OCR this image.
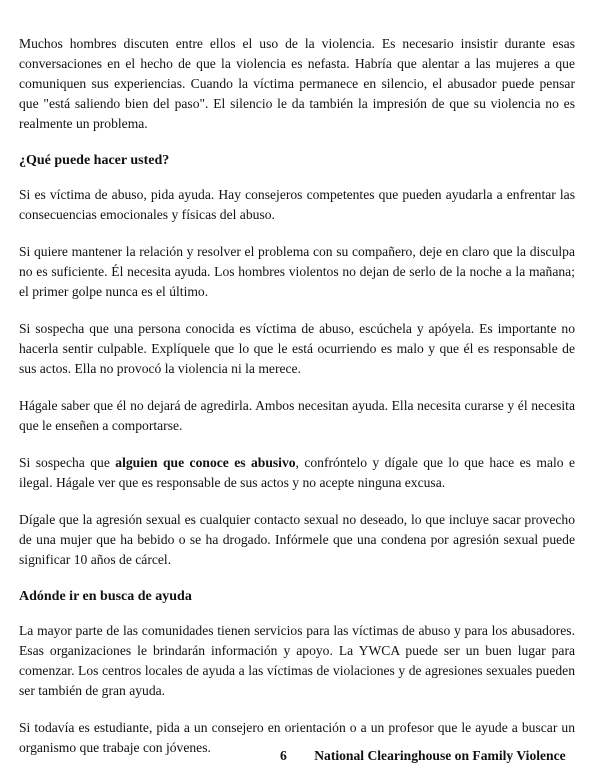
Muchos hombres discuten entre ellos el uso de la violencia. Es necesario insistir durante esas conversaciones en el hecho de que la violencia es nefasta. Habría que alentar a las mujeres a que comuniquen sus experiencias. Cuando la víctima permanece en silencio, el abusador puede pensar que "está saliendo bien del paso". El silencio le da también la impresión de que su violencia no es realmente un problema.

¿Qué puede hacer usted?

Si es víctima de abuso, pida ayuda. Hay consejeros competentes que pueden ayudarla a enfrentar las consecuencias emocionales y físicas del abuso.

Si quiere mantener la relación y resolver el problema con su compañero, deje en claro que la disculpa no es suficiente. Él necesita ayuda. Los hombres violentos no dejan de serlo de la noche a la mañana; el primer golpe nunca es el último.

Si sospecha que una persona conocida es víctima de abuso, escúchela y apóyela. Es importante no hacerla sentir culpable. Explíquele que lo que le está ocurriendo es malo y que él es responsable de sus actos. Ella no provocó la violencia ni la merece.

Hágale saber que él no dejará de agredirla. Ambos necesitan ayuda. Ella necesita curarse y él necesita que le enseñen a comportarse.

Si sospecha que alguien que conoce es abusivo, confróntelo y dígale que lo que hace es malo e ilegal. Hágale ver que es responsable de sus actos y no acepte ninguna excusa.

Dígale que la agresión sexual es cualquier contacto sexual no deseado, lo que incluye sacar provecho de una mujer que ha bebido o se ha drogado. Infórmele que una condena por agresión sexual puede significar 10 años de cárcel.

Adónde ir en busca de ayuda

La mayor parte de las comunidades tienen servicios para las víctimas de abuso y para los abusadores. Esas organizaciones le brindarán información y apoyo. La YWCA puede ser un buen lugar para comenzar. Los centros locales de ayuda a las víctimas de violaciones y de agresiones sexuales pueden ser también de gran ayuda.

Si todavía es estudiante, pida a un consejero en orientación o a un profesor que le ayude a buscar un organismo que trabaje con jóvenes.

6 National Clearinghouse on Family Violence
